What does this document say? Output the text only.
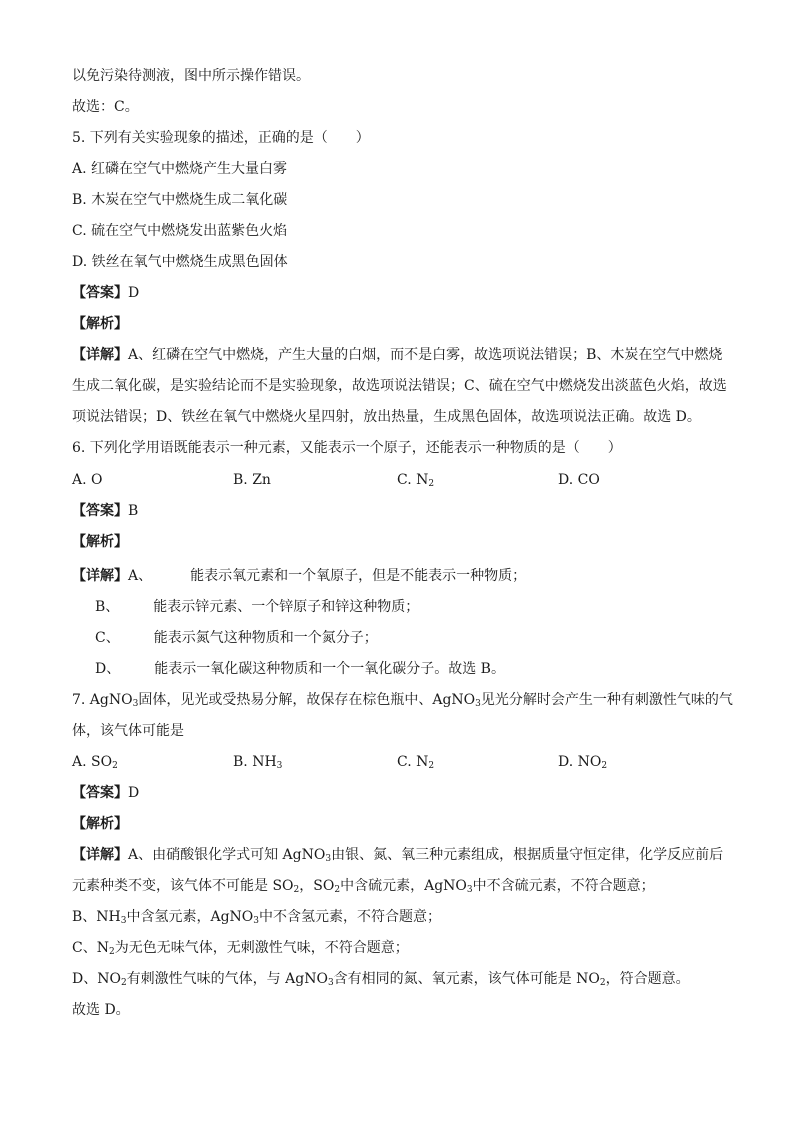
以免污染待测液，图中所示操作错误。
故选：C。
5. 下列有关实验现象的描述，正确的是（　　）
A. 红磷在空气中燃烧产生大量白雾
B. 木炭在空气中燃烧生成二氧化碳
C. 硫在空气中燃烧发出蓝紫色火焰
D. 铁丝在氧气中燃烧生成黑色固体
【答案】D
【解析】
【详解】A、红磷在空气中燃烧，产生大量的白烟，而不是白雾，故选项说法错误；B、木炭在空气中燃烧
生成二氧化碳，是实验结论而不是实验现象，故选项说法错误；C、硫在空气中燃烧发出淡蓝色火焰，故选
项说法错误；D、铁丝在氧气中燃烧火星四射，放出热量，生成黑色固体，故选项说法正确。故选 D。
6. 下列化学用语既能表示一种元素，又能表示一个原子，还能表示一种物质的是（　　）
A. O	B. Zn	C. $N_2$	D. CO
【答案】B
【解析】
【详解】A、	能表示氧元素和一个氧原子，但是不能表示一种物质；
B、 能表示锌元素、一个锌原子和锌这种物质；
C、 能表示氮气这种物质和一个氮分子；
D、 能表示一氧化碳这种物质和一个一氧化碳分子。故选 B。
7. AgNO$_3$固体，见光或受热易分解，故保存在棕色瓶中、AgNO$_3$见光分解时会产生一种有刺激性气味的气
体，该气体可能是
A. $SO_2$	B. $NH_3$	C. $N_2$	D. $NO_2$
【答案】D
【解析】
【详解】A、由硝酸银化学式可知 AgNO$_3$由银、氮、氧三种元素组成，根据质量守恒定律，化学反应前后
元素种类不变，该气体不可能是 $SO_2$，$SO_2$中含硫元素，AgNO$_3$中不含硫元素，不符合题意；
B、$NH_3$中含氢元素，AgNO$_3$中不含氢元素，不符合题意；
C、$N_2$为无色无味气体，无刺激性气味，不符合题意；
D、$NO_2$有刺激性气味的气体，与 AgNO$_3$含有相同的氮、氧元素，该气体可能是 $NO_2$，符合题意。
故选 D。
